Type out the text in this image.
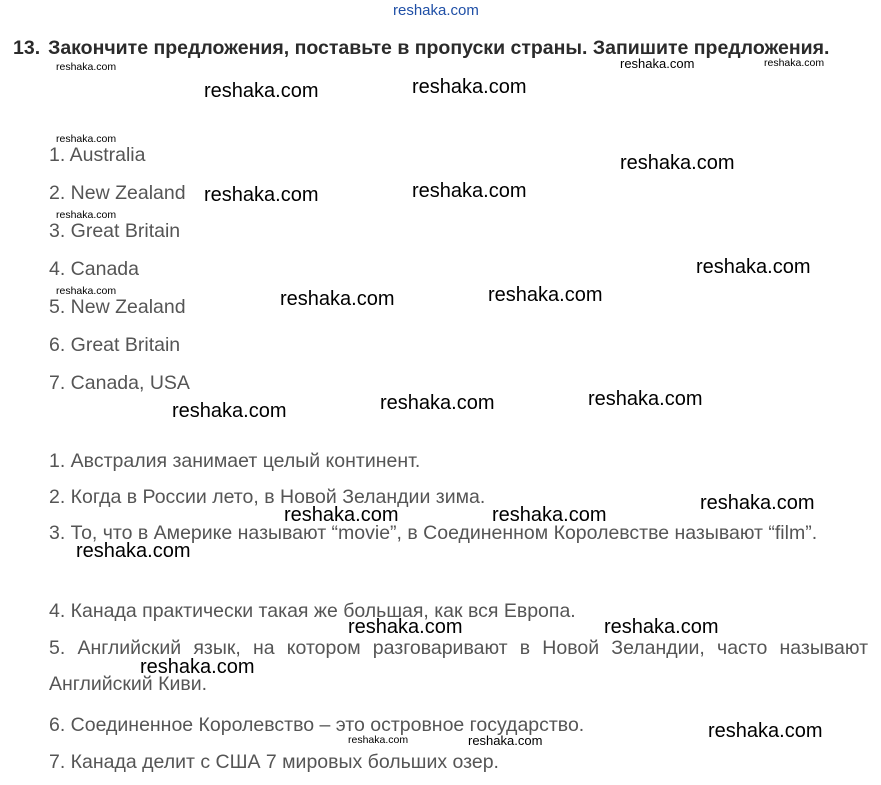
reshaka.com
13. Закончите предложения, поставьте в пропуски страны. Запишите предложения.
1. Australia
2. New Zealand
3. Great Britain
4. Canada
5. New Zealand
6. Great Britain
7. Canada, USA
1. Австралия занимает целый континент.
2. Когда в России лето, в Новой Зеландии зима.
3. То, что в Америке называют “movie”, в Соединенном Королевстве называют “film”.
4. Канада практически такая же большая, как вся Европа.
5. Английский язык, на котором разговаривают в Новой Зеландии, часто называют Английский Киви.
6. Соединенное Королевство – это островное государство.
7. Канада делит с США 7 мировых больших озер.
reshaka.com	reshaka.com	reshaka.com
reshaka.com	reshaka.com
reshaka.com
reshaka.com
reshaka.com	reshaka.com
reshaka.com
reshaka.com
reshaka.com	reshaka.com	reshaka.com
reshaka.com	reshaka.com	reshaka.com
reshaka.com
reshaka.com	reshaka.com
reshaka.com
reshaka.com	reshaka.com
reshaka.com
reshaka.com
reshaka.com	reshaka.com
